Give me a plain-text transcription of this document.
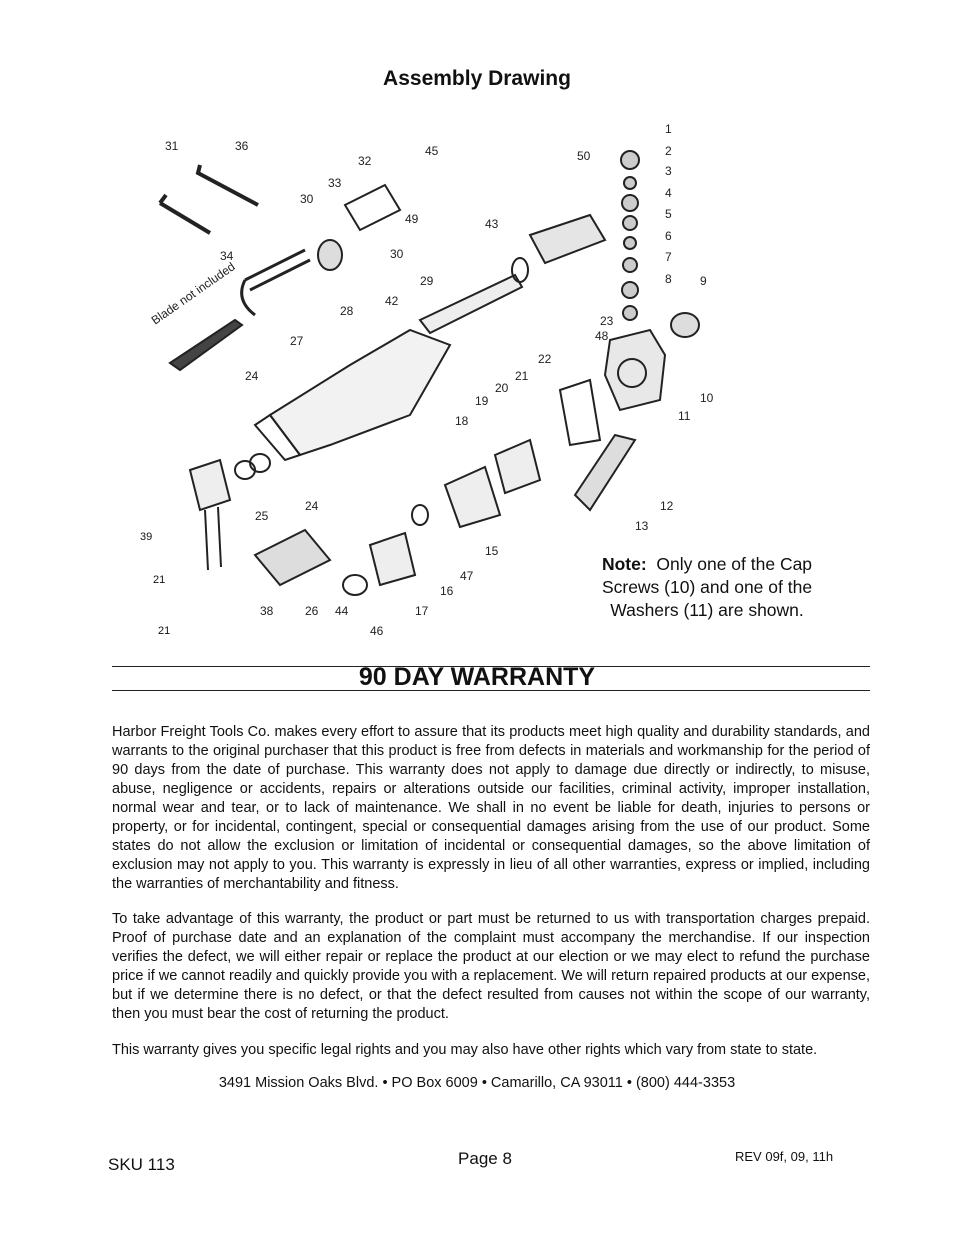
Assembly Drawing
31	36
32
45
30
33
49
30
34
43
50
1
2
3
4
5
6
7
8 9
10
11
12
13
29
42
28
27
24
24
25
26
38	44
48
22
21
20
19
18
23
15
47
16
17
46
Blade not included
39
21
21
Note: Only one of the Cap Screws (10) and one of the Washers (11) are shown.
90 DAY WARRANTY
Harbor Freight Tools Co. makes every effort to assure that its products meet high quality and durability standards, and warrants to the original purchaser that this product is free from defects in materials and workmanship for the period of 90 days from the date of purchase. This warranty does not apply to damage due directly or indirectly, to misuse, abuse, negligence or accidents, repairs or alterations outside our facilities, criminal activity, improper installation, normal wear and tear, or to lack of maintenance. We shall in no event be liable for death, injuries to persons or property, or for incidental, contingent, special or consequential damages arising from the use of our product. Some states do not allow the exclusion or limitation of incidental or consequential damages, so the above limitation of exclusion may not apply to you. This warranty is expressly in lieu of all other warranties, express or implied, including the warranties of merchantability and fitness.
To take advantage of this warranty, the product or part must be returned to us with transportation charges prepaid. Proof of purchase date and an explanation of the complaint must accompany the merchandise. If our inspection verifies the defect, we will either repair or replace the product at our election or we may elect to refund the purchase price if we cannot readily and quickly provide you with a replacement. We will return repaired products at our expense, but if we determine there is no defect, or that the defect resulted from causes not within the scope of our warranty, then you must bear the cost of returning the product.
This warranty gives you specific legal rights and you may also have other rights which vary from state to state.
3491 Mission Oaks Blvd. • PO Box 6009 • Camarillo, CA 93011 • (800) 444-3353
SKU 113	Page 8	REV 09f, 09, 11h
